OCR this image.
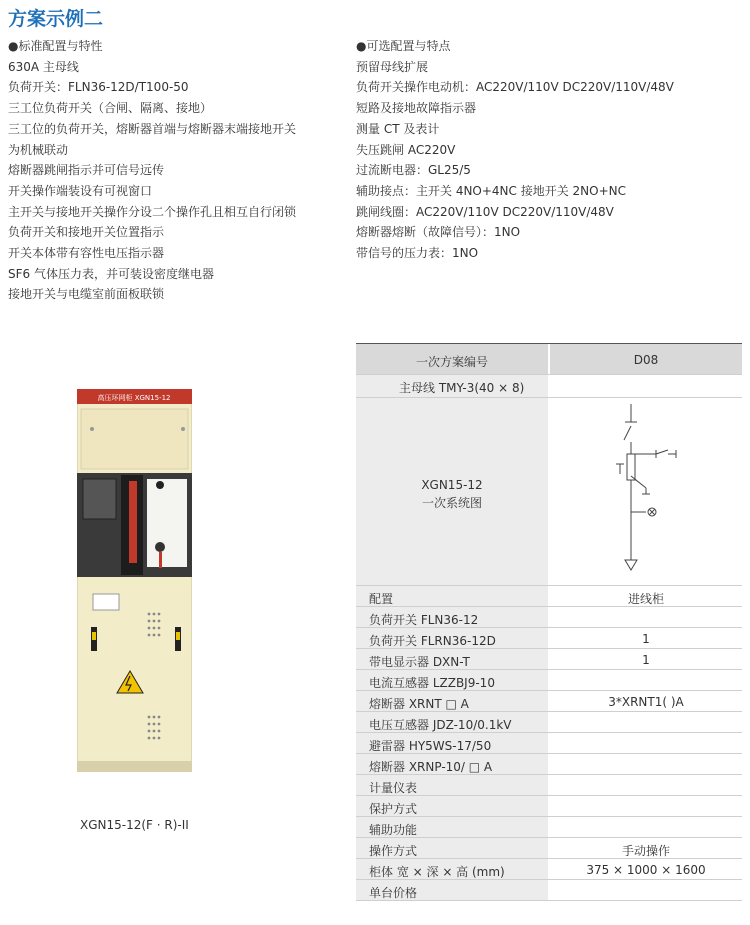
方案示例二
●标准配置与特性
630A 主母线
负荷开关：FLN36-12D/T100-50
三工位负荷开关（合闸、隔离、接地）
三工位的负荷开关，熔断器首端与熔断器末端接地开关
为机械联动
熔断器跳闸指示并可信号远传
开关操作端装设有可视窗口
主开关与接地开关操作分设二个操作孔且相互自行闭锁
负荷开关和接地开关位置指示
开关本体带有容性电压指示器
SF6 气体压力表，并可装设密度继电器
接地开关与电缆室前面板联锁
●可选配置与特点
预留母线扩展
负荷开关操作电动机：AC220V/110V DC220V/110V/48V
短路及接地故障指示器
测量 CT 及表计
失压跳闸 AC220V
过流断电器：GL25/5
辅助接点：主开关 4NO+4NC 接地开关 2NO+NC
跳闸线圈：AC220V/110V DC220V/110V/48V
熔断器熔断（故障信号）：1NO
带信号的压力表：1NO
高压环网柜 XGN15-12
XGN15-12(F · R)-II
一次方案编号	D08
主母线 TMY-3(40 × 8)
XGN15-12
一次系统图
配置	进线柜
负荷开关 FLN36-12
负荷开关 FLRN36-12D	1
带电显示器 DXN-T	1
电流互感器 LZZBJ9-10
熔断器 XRNT □ A	3*XRNT1( )A
电压互感器 JDZ-10/0.1kV
避雷器 HY5WS-17/50
熔断器 XRNP-10/ □ A
计量仪表
保护方式
辅助功能
操作方式	手动操作
柜体 宽 × 深 × 高 (mm)	375 × 1000 × 1600
单台价格
